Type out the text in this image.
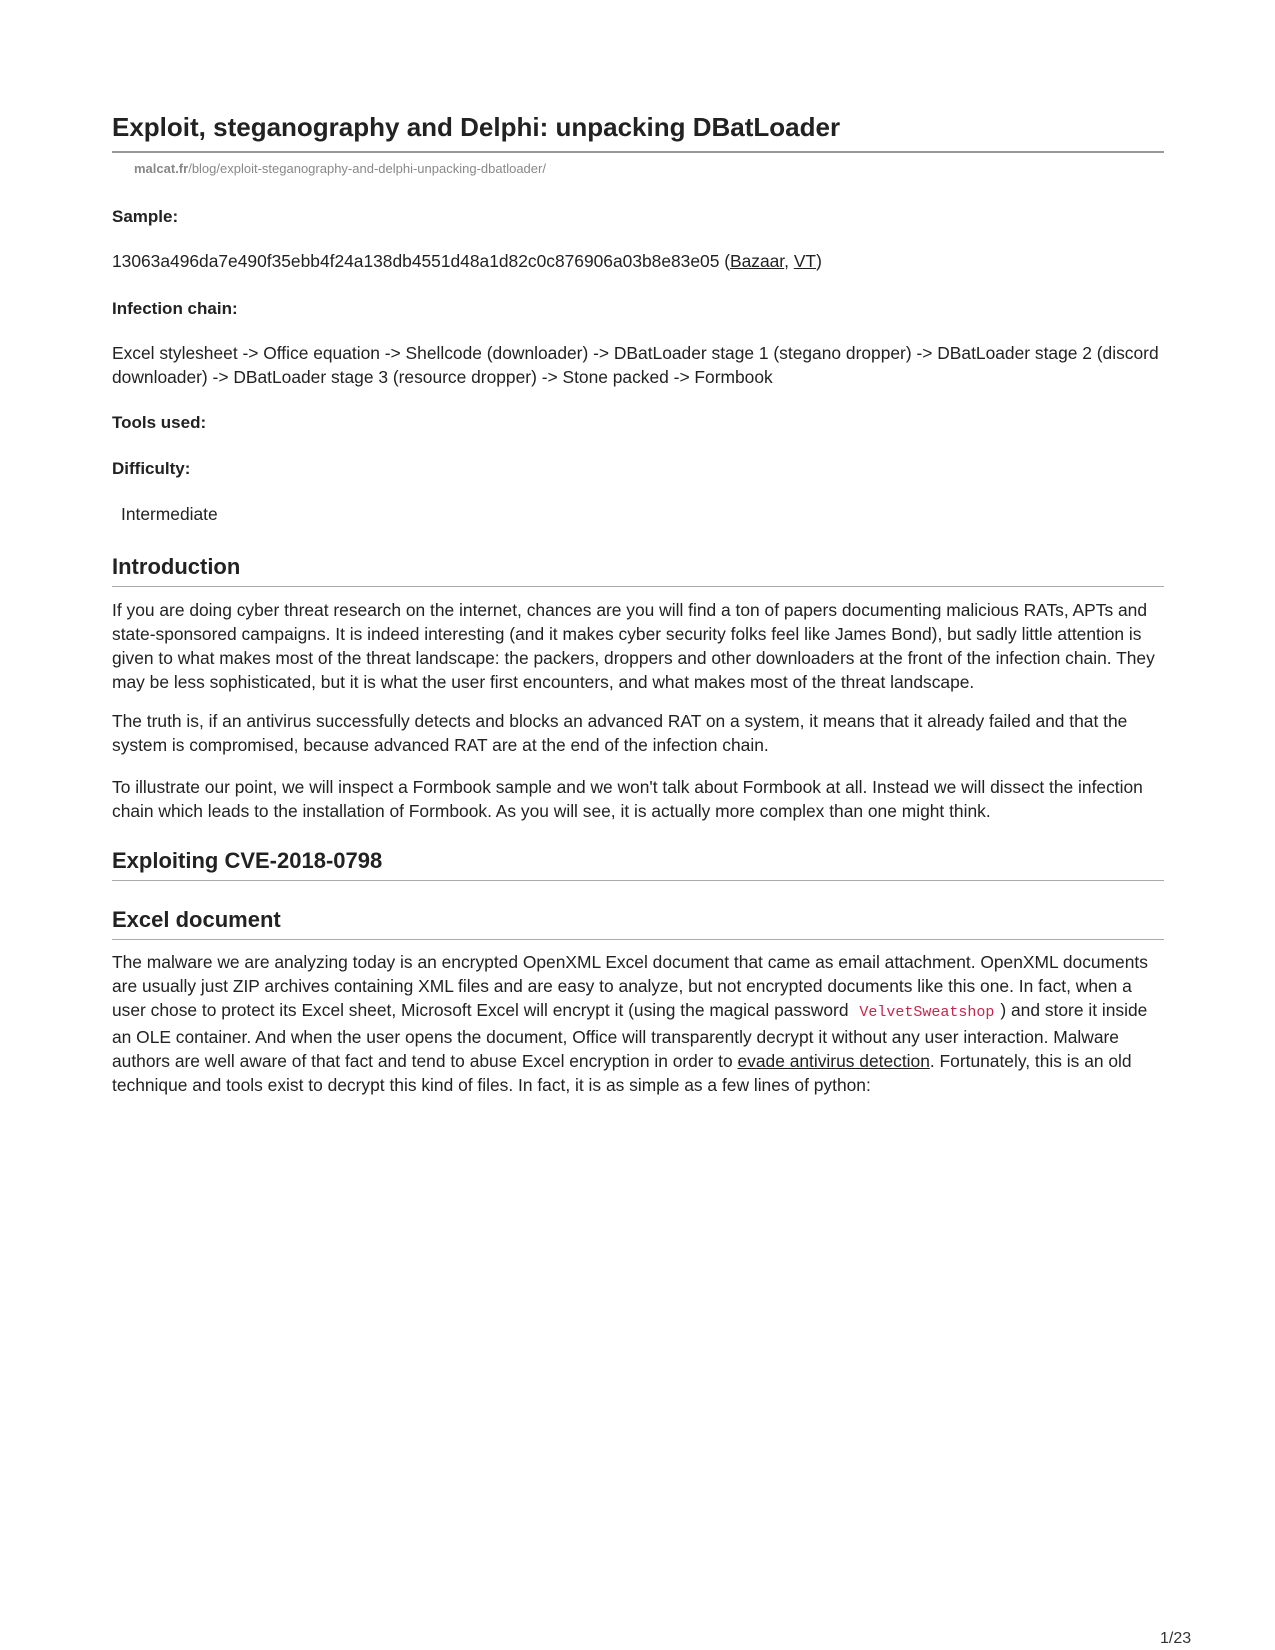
Exploit, steganography and Delphi: unpacking DBatLoader
malcat.fr/blog/exploit-steganography-and-delphi-unpacking-dbatloader/
Sample:

13063a496da7e490f35ebb4f24a138db4551d48a1d82c0c876906a03b8e83e05 (Bazaar, VT)

Infection chain:

Excel stylesheet -> Office equation -> Shellcode (downloader) -> DBatLoader stage 1 (stegano dropper) -> DBatLoader stage 2 (discord downloader) -> DBatLoader stage 3 (resource dropper) -> Stone packed -> Formbook

Tools used:
Difficulty:

Intermediate

Introduction

If you are doing cyber threat research on the internet, chances are you will find a ton of papers documenting malicious RATs, APTs and state-sponsored campaigns. It is indeed interesting (and it makes cyber security folks feel like James Bond), but sadly little attention is given to what makes most of the threat landscape: the packers, droppers and other downloaders at the front of the infection chain. They may be less sophisticated, but it is what the user first encounters, and what makes most of the threat landscape.

The truth is, if an antivirus successfully detects and blocks an advanced RAT on a system, it means that it already failed and that the system is compromised, because advanced RAT are at the end of the infection chain.

To illustrate our point, we will inspect a Formbook sample and we won't talk about Formbook at all. Instead we will dissect the infection chain which leads to the installation of Formbook. As you will see, it is actually more complex than one might think.

Exploiting CVE-2018-0798
Excel document

The malware we are analyzing today is an encrypted OpenXML Excel document that came as email attachment. OpenXML documents are usually just ZIP archives containing XML files and are easy to analyze, but not encrypted documents like this one. In fact, when a user chose to protect its Excel sheet, Microsoft Excel will encrypt it (using the magical password VelvetSweatshop ) and store it inside an OLE container. And when the user opens the document, Office will transparently decrypt it without any user interaction. Malware authors are well aware of that fact and tend to abuse Excel encryption in order to evade antivirus detection. Fortunately, this is an old technique and tools exist to decrypt this kind of files. In fact, it is as simple as a few lines of python:

1/23
